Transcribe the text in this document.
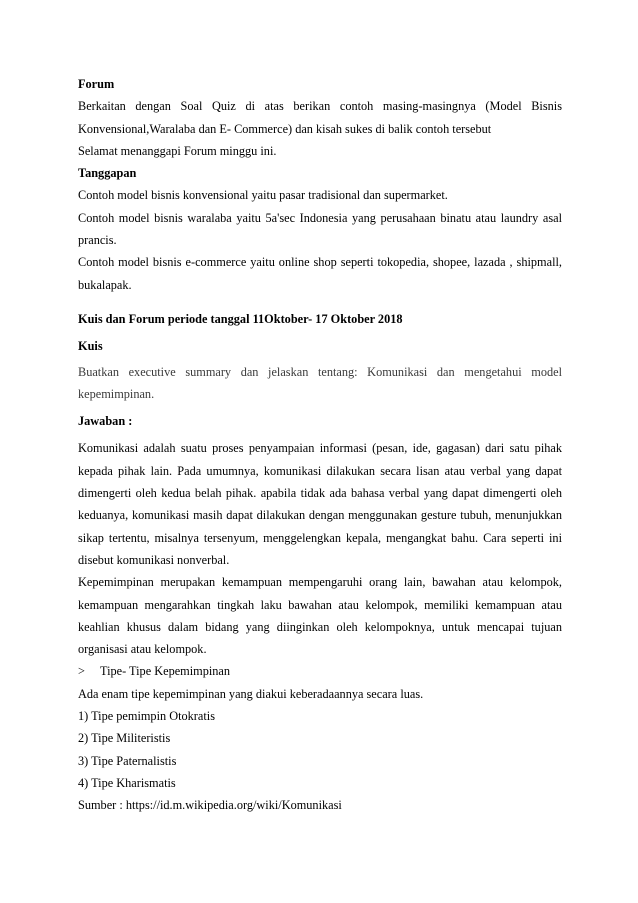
Forum

Berkaitan dengan Soal Quiz di atas berikan contoh masing-masingnya (Model Bisnis Konvensional,Waralaba dan E- Commerce) dan kisah sukes di balik contoh tersebut

Selamat menanggapi Forum minggu ini.

Tanggapan

Contoh model bisnis konvensional yaitu pasar tradisional dan supermarket.

Contoh model bisnis waralaba yaitu 5a'sec Indonesia yang perusahaan binatu atau laundry asal prancis.

Contoh model bisnis e-commerce yaitu online shop seperti tokopedia, shopee, lazada , shipmall, bukalapak.

Kuis dan Forum periode tanggal 11Oktober- 17 Oktober 2018

Kuis

Buatkan executive summary dan jelaskan tentang: Komunikasi dan mengetahui model kepemimpinan.

Jawaban :

Komunikasi adalah suatu proses penyampaian informasi (pesan, ide, gagasan) dari satu pihak kepada pihak lain. Pada umumnya, komunikasi dilakukan secara lisan atau verbal yang dapat dimengerti oleh kedua belah pihak. apabila tidak ada bahasa verbal yang dapat dimengerti oleh keduanya, komunikasi masih dapat dilakukan dengan menggunakan gesture tubuh, menunjukkan sikap tertentu, misalnya tersenyum, menggelengkan kepala, mengangkat bahu. Cara seperti ini disebut komunikasi nonverbal.

Kepemimpinan merupakan kemampuan mempengaruhi orang lain, bawahan atau kelompok, kemampuan mengarahkan tingkah laku bawahan atau kelompok, memiliki kemampuan atau keahlian khusus dalam bidang yang diinginkan oleh kelompoknya, untuk mencapai tujuan organisasi atau kelompok.

>	Tipe- Tipe Kepemimpinan

Ada enam tipe kepemimpinan yang diakui keberadaannya secara luas.

1) Tipe pemimpin Otokratis

2) Tipe Militeristis

3) Tipe Paternalistis

4) Tipe Kharismatis

Sumber : https://id.m.wikipedia.org/wiki/Komunikasi
